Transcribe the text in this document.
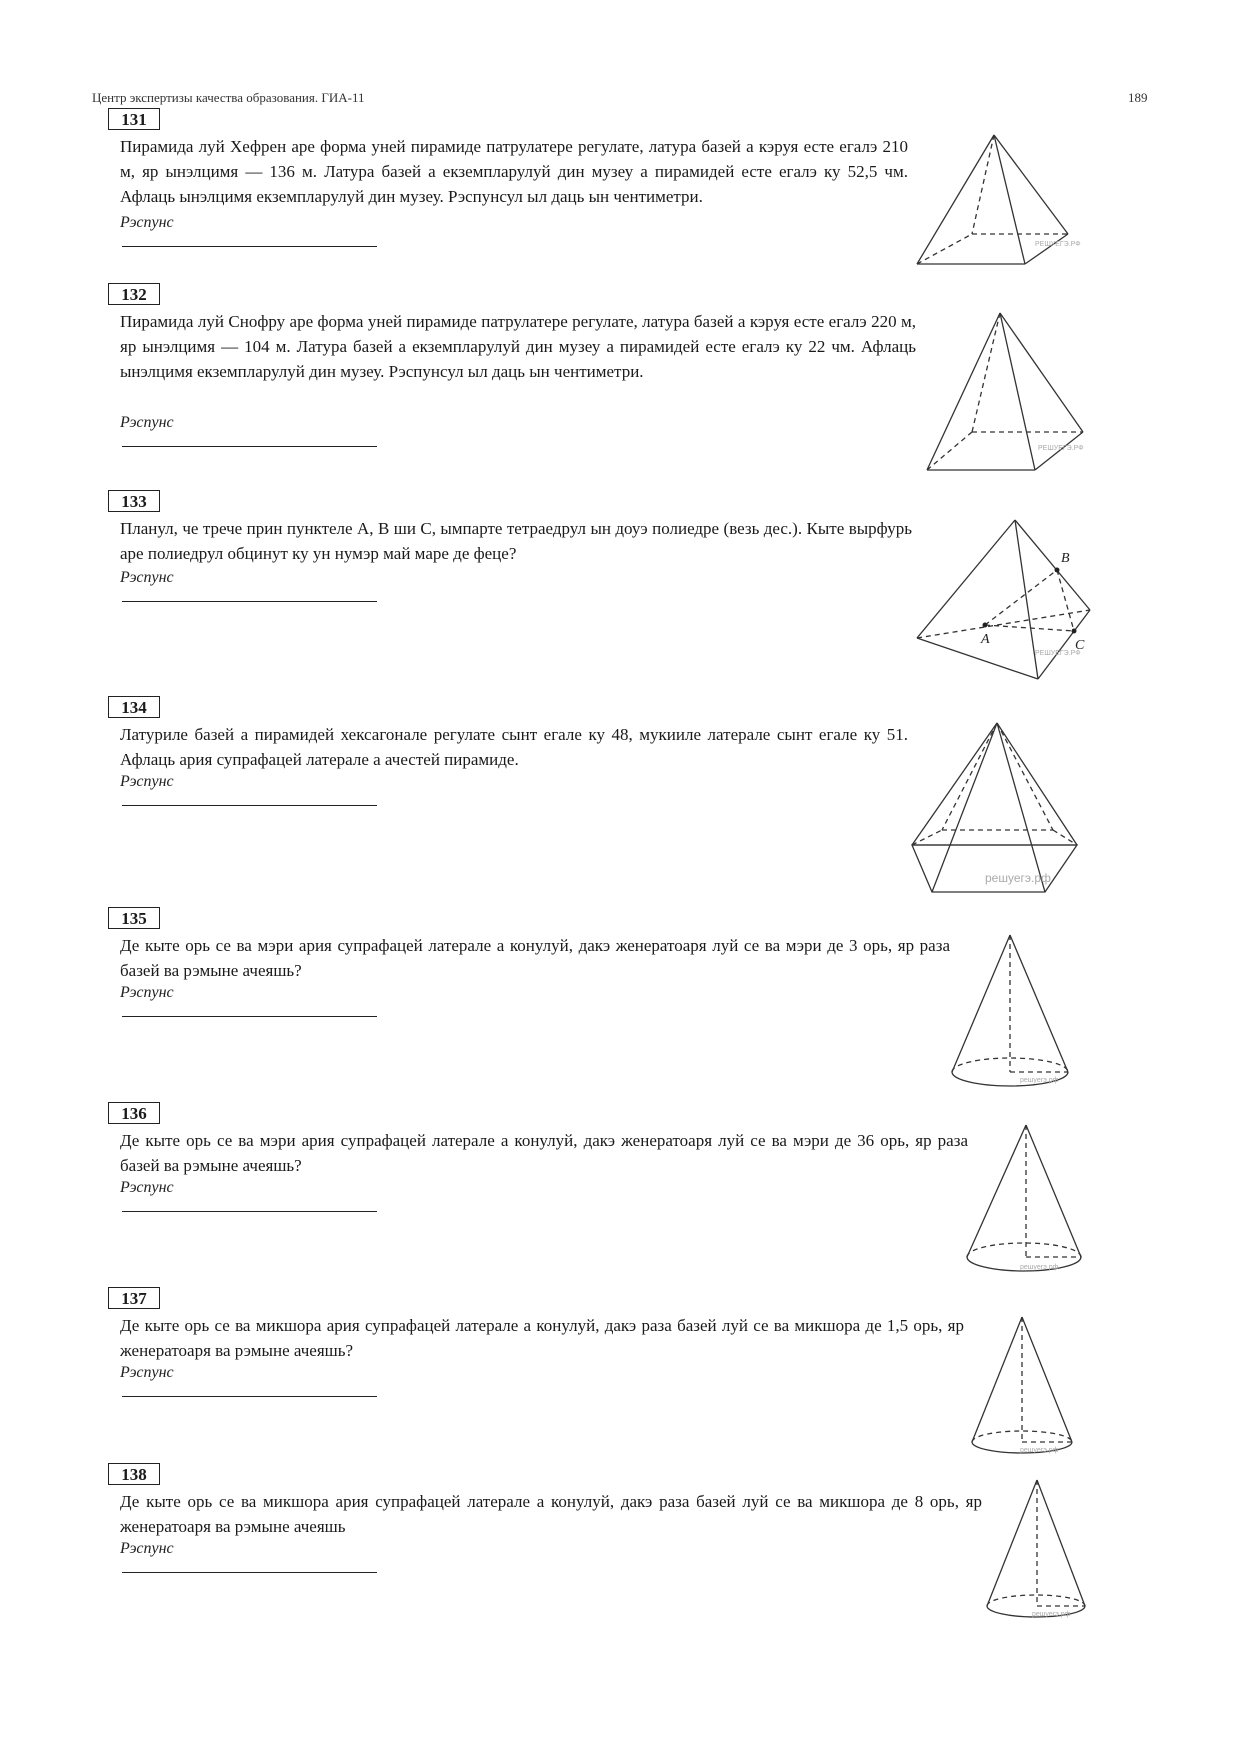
Центр экспертизы качества образования. ГИА-11	189
131
Пирамида луй Хефрен аре форма уней пирамиде патрулатере регулате, латура базей а кэруя есте егалэ 210 м, яр ынэлцимя — 136 м. Латура базей а екземпларулуй дин музеу а пирамидей есте егалэ ку 52,5 чм. Афлаць ынэлцимя екземпларулуй дин музеу. Рэспунсул ыл даць ын чентиметри.
Рэспунс
132
Пирамида луй Снофру аре форма уней пирамиде патрулатере регулате, латура базей а кэруя есте егалэ 220 м, яр ынэлцимя — 104 м. Латура базей а екземпларулуй дин музеу а пирамидей есте егалэ ку 22 чм. Афлаць ынэлцимя екземпларулуй дин музеу. Рэспунсул ыл даць ын чентиметри.
Рэспунс
133
Планул, че трече прин пунктеле A, B ши C, ымпарте тетраедрул ын доуэ полиедре (везь дес.). Кыте вырфурь аре полиедрул обцинут ку ун нумэр май маре де феце?
Рэспунс
134
Латуриле базей а пирамидей хексагонале регулате сынт егале ку 48, мукииле латерале сынт егале ку 51. Афлаць ария супрафацей латерале а ачестей пирамиде.
Рэспунс
135
Де кыте орь се ва мэри ария супрафацей латерале а конулуй, дакэ женератоаря луй се ва мэри де 3 орь, яр раза базей ва рэмыне ачеяшь?
Рэспунс
136
Де кыте орь се ва мэри ария супрафацей латерале а конулуй, дакэ женератоаря луй се ва мэри де 36 орь, яр раза базей ва рэмыне ачеяшь?
Рэспунс
137
Де кыте орь се ва микшора ария супрафацей латерале а конулуй, дакэ раза базей луй се ва микшора де 1,5 орь, яр женератоаря ва рэмыне ачеяшь?
Рэспунс
138
Де кыте орь се ва микшора ария супрафацей латерале а конулуй, дакэ раза базей луй се ва микшора де 8 орь, яр женератоаря ва рэмыне ачеяшь
Рэспунс
РЕШУЕГЭ.РФ
РЕШУЕГЭ.РФ
A
B
C
РЕШУЕГЭ.РФ
решуегэ.рф
решуегэ.рф
решуегэ.рф
решуегэ.рф
решуегэ.рф
